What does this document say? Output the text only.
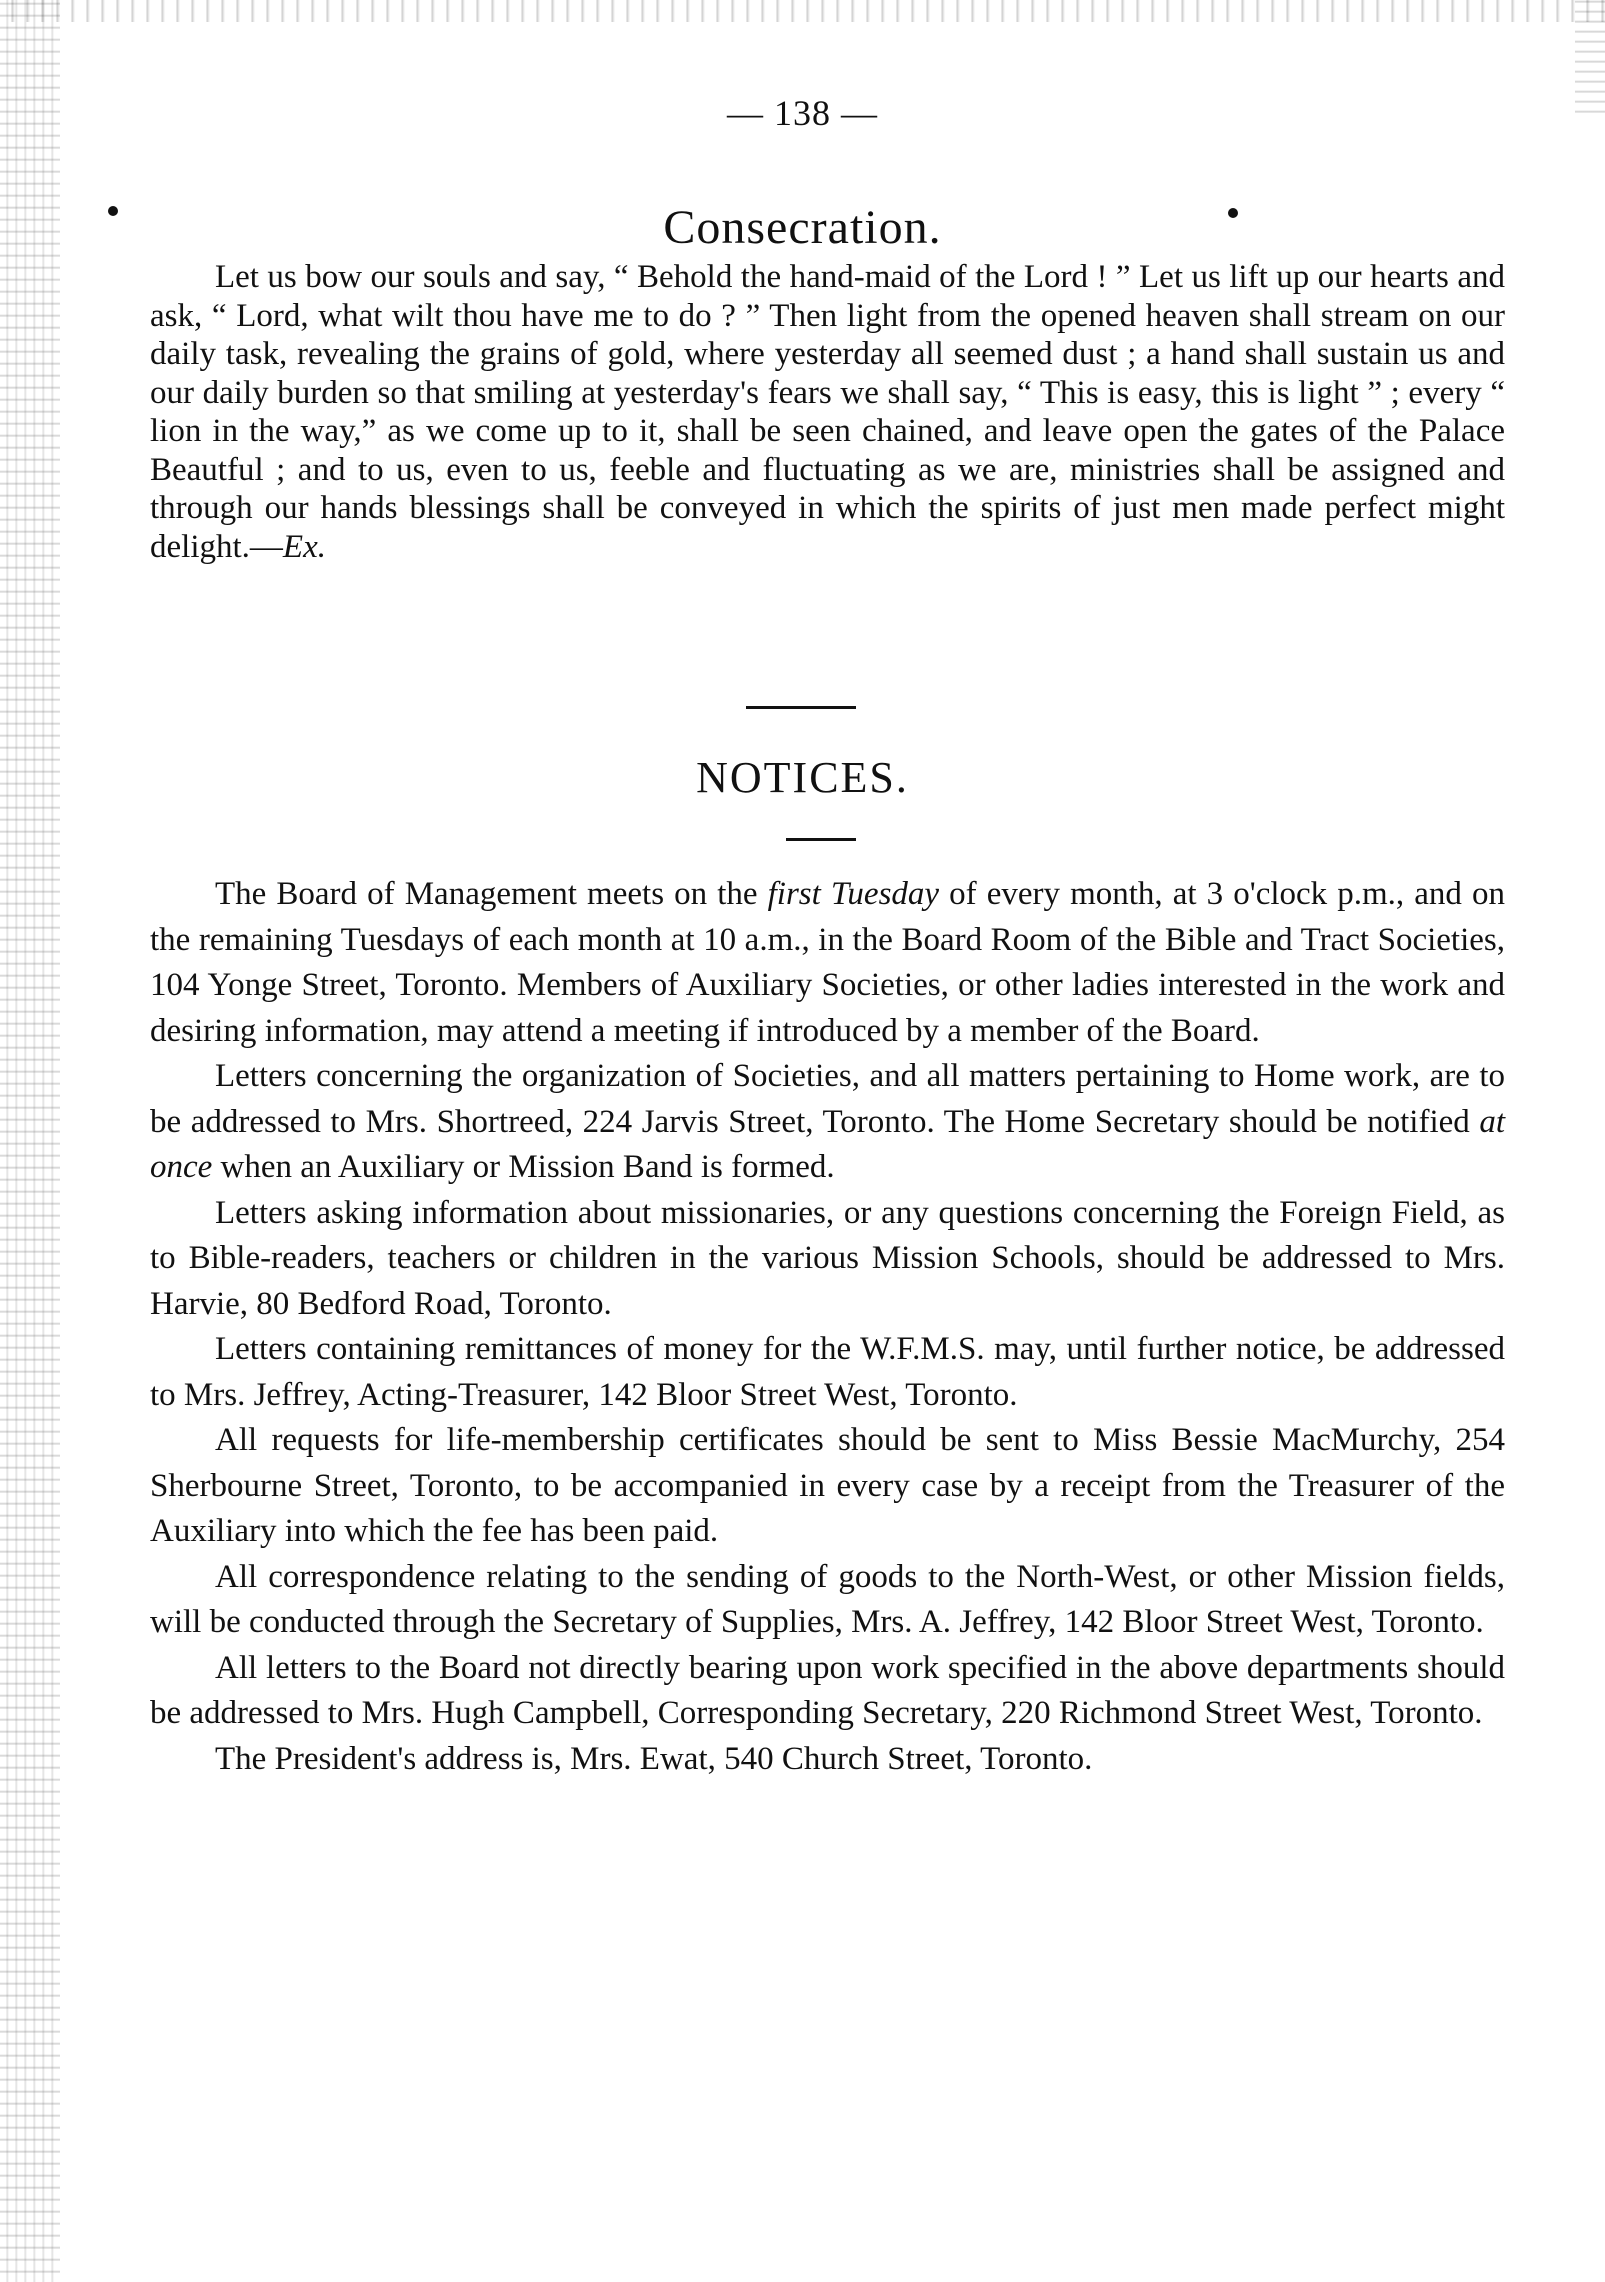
— 138 —
Consecration.

Let us bow our souls and say, “ Behold the hand-maid of the Lord ! ” Let us lift up our hearts and ask, “ Lord, what wilt thou have me to do ? ” Then light from the opened heaven shall stream on our daily task, revealing the grains of gold, where yesterday all seemed dust ; a hand shall sustain us and our daily burden so that smiling at yesterday's fears we shall say, “ This is easy, this is light ” ; every “ lion in the way,” as we come up to it, shall be seen chained, and leave open the gates of the Palace Beautful ; and to us, even to us, feeble and fluctuating as we are, ministries shall be assigned and through our hands blessings shall be conveyed in which the spirits of just men made perfect might delight.—Ex.

NOTICES.

The Board of Management meets on the first Tuesday of every month, at 3 o'clock p.m., and on the remaining Tuesdays of each month at 10 a.m., in the Board Room of the Bible and Tract Societies, 104 Yonge Street, Toronto. Members of Auxiliary Societies, or other ladies interested in the work and desiring information, may attend a meeting if introduced by a member of the Board.

Letters concerning the organization of Societies, and all matters pertaining to Home work, are to be addressed to Mrs. Shortreed, 224 Jarvis Street, Toronto. The Home Secretary should be notified at once when an Auxiliary or Mission Band is formed.

Letters asking information about missionaries, or any questions concerning the Foreign Field, as to Bible-readers, teachers or children in the various Mission Schools, should be addressed to Mrs. Harvie, 80 Bedford Road, Toronto.

Letters containing remittances of money for the W.F.M.S. may, until further notice, be addressed to Mrs. Jeffrey, Acting-Treasurer, 142 Bloor Street West, Toronto.

All requests for life-membership certificates should be sent to Miss Bessie MacMurchy, 254 Sherbourne Street, Toronto, to be accompanied in every case by a receipt from the Treasurer of the Auxiliary into which the fee has been paid.

All correspondence relating to the sending of goods to the North-West, or other Mission fields, will be conducted through the Secretary of Supplies, Mrs. A. Jeffrey, 142 Bloor Street West, Toronto.

All letters to the Board not directly bearing upon work specified in the above departments should be addressed to Mrs. Hugh Campbell, Corresponding Secretary, 220 Richmond Street West, Toronto.

The President's address is, Mrs. Ewat, 540 Church Street, Toronto.
